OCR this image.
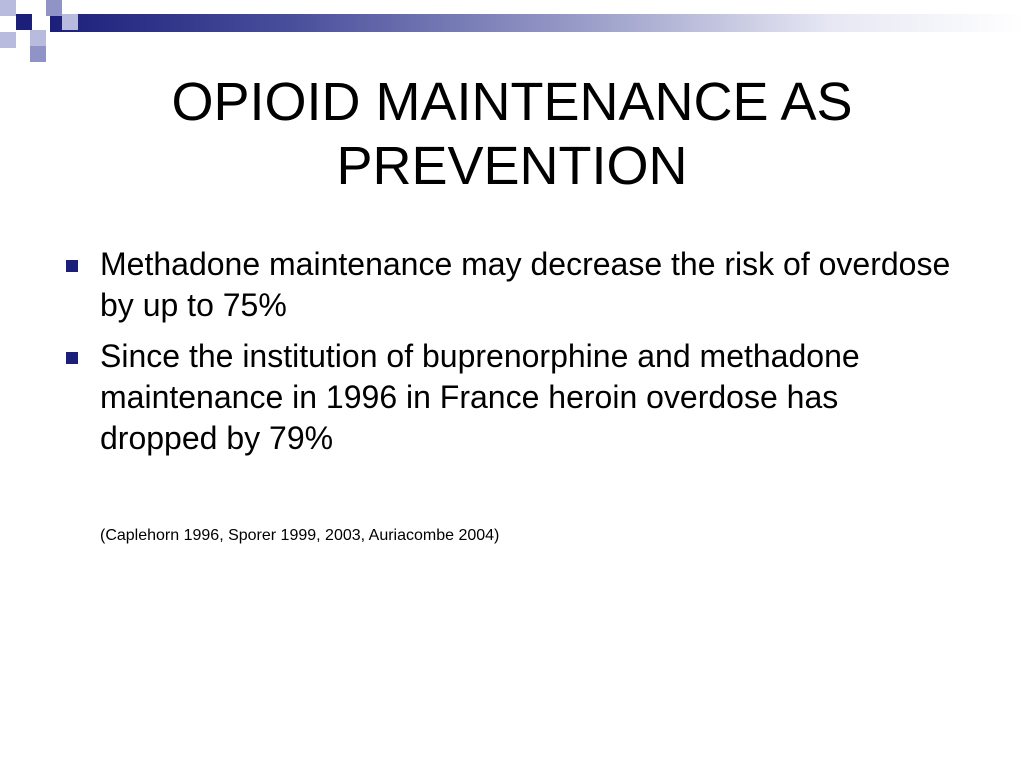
OPIOID MAINTENANCE AS PREVENTION
Methadone maintenance may decrease the risk of overdose by up to 75%
Since the institution of buprenorphine and methadone maintenance in 1996 in France heroin overdose has dropped by 79%
(Caplehorn 1996, Sporer 1999, 2003, Auriacombe 2004)
